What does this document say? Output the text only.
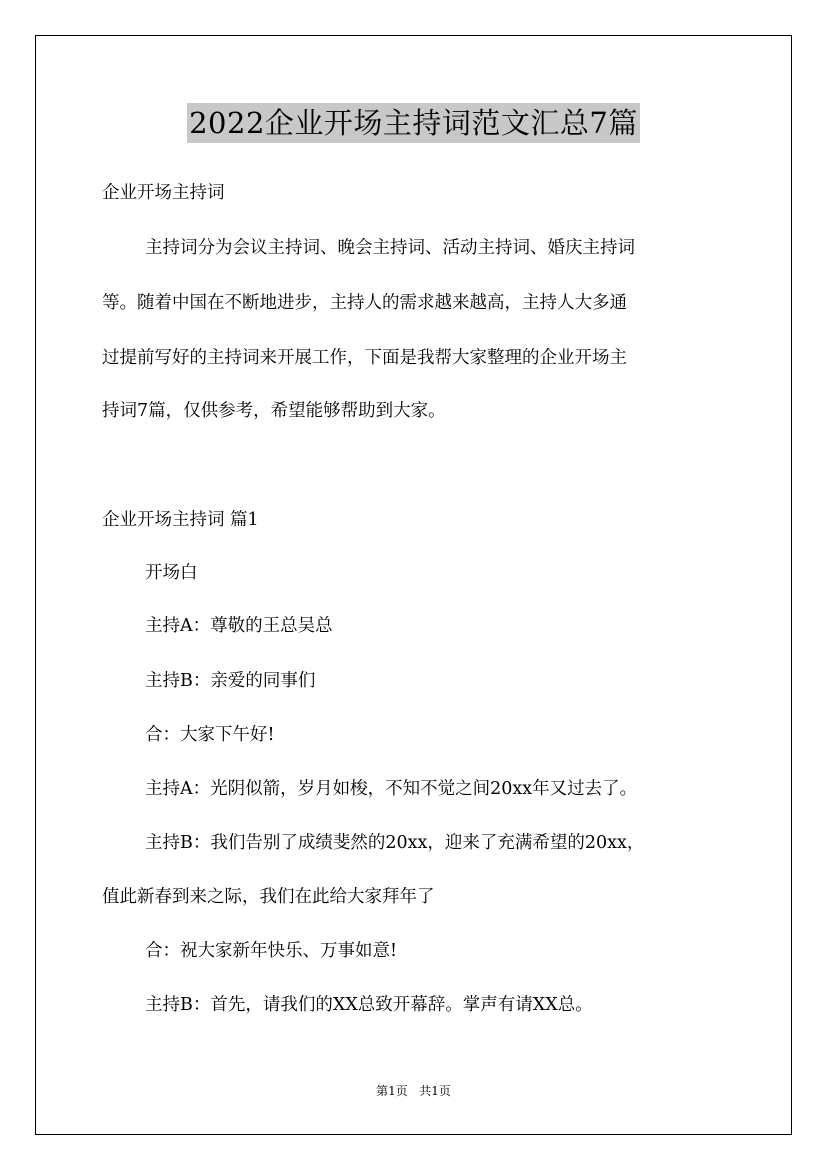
2022企业开场主持词范文汇总7篇
企业开场主持词
主持词分为会议主持词、晚会主持词、活动主持词、婚庆主持词
等。随着中国在不断地进步，主持人的需求越来越高，主持人大多通
过提前写好的主持词来开展工作，下面是我帮大家整理的企业开场主
持词7篇，仅供参考，希望能够帮助到大家。
企业开场主持词 篇1
开场白
主持A：尊敬的王总吴总
主持B：亲爱的同事们
合：大家下午好!
主持A：光阴似箭，岁月如梭，不知不觉之间20xx年又过去了。
主持B：我们告别了成绩斐然的20xx，迎来了充满希望的20xx，
值此新春到来之际，我们在此给大家拜年了
合：祝大家新年快乐、万事如意!
主持B：首先，请我们的XX总致开幕辞。掌声有请XX总。
第1页 共1页
